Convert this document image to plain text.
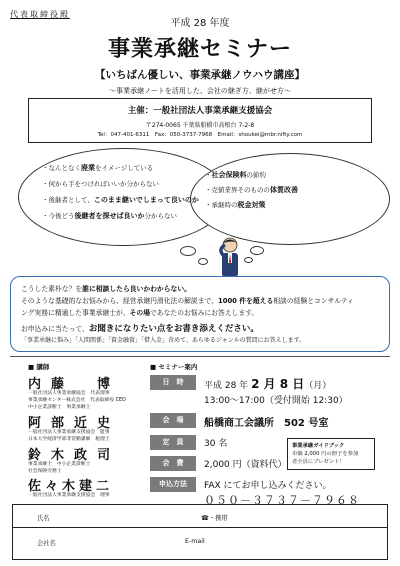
代表取締役殿
平成 28 年度
事業承継セミナー
【いちばん優しい、事業承継ノウハウ講座】
～事業承継ノートを活用した、会社の継ぎ方、継がせ方～
主催：一般社団法人事業承継支援協会
〒274-0065 千葉県船橋市高根台 7-2-8
Tel：047-401-6311　Fax：050-3737-7968　Email：shoukei@mbr.nifty.com
・なんとなく廃業をイメージしている
・何から手をつければいいか分からない
・後継者として、このまま継いでしまって良いのか
・今後どう後継者を探せば良いか分からない
・社会保険料の節約
・売値業界そのものの体質改善
・承継時の税金対策
こうした素朴な？を誰に相談したら良いかわからない。
そのような基礎的なお悩みから、経営承継円滑化法の解説まで、1000 件を超える相談の経験とコンサルティ
ング実務に精通した事業承継士が、その場であなたのお悩みにお答えします。
お申込みに当たって、お聞きになりたい点をお書き添えください。
「事業承継に悩み」「人間関係」「資金融資」「借入金」含めて、あらゆるジャンルの質問にお答えします。
■ 講師
内藤　博
一般社団法人事業承継協会　代表理事
事業承継センター株式会社　代表取締役 CEO
中小企業診断士　事業承継士
阿部近史
一般社団法人事業承継支援協会　監事
日本大学経済学部非常勤講師　税理士
鈴木政司
事業承継士　中小企業診断士
社会保険労務士
佐々木建二
一般社団法人事業承継支援協会　理事
■ セミナー案内
日　時	平成 28 年 2 月 8 日（月）
13:00～17:00（受付開始 12:30）
会　場	船橋商工会議所　502 号室
定　員	30 名
会　費	2,000 円（資料代）
申込方法	FAX にてお申し込みください。
０５０－３７３７－７９６８
事業承継ガイドブック
市価 2,000 円の冊子を参加
者全員にプレゼント！
氏名	☎・携帯
会社名	E-mail
